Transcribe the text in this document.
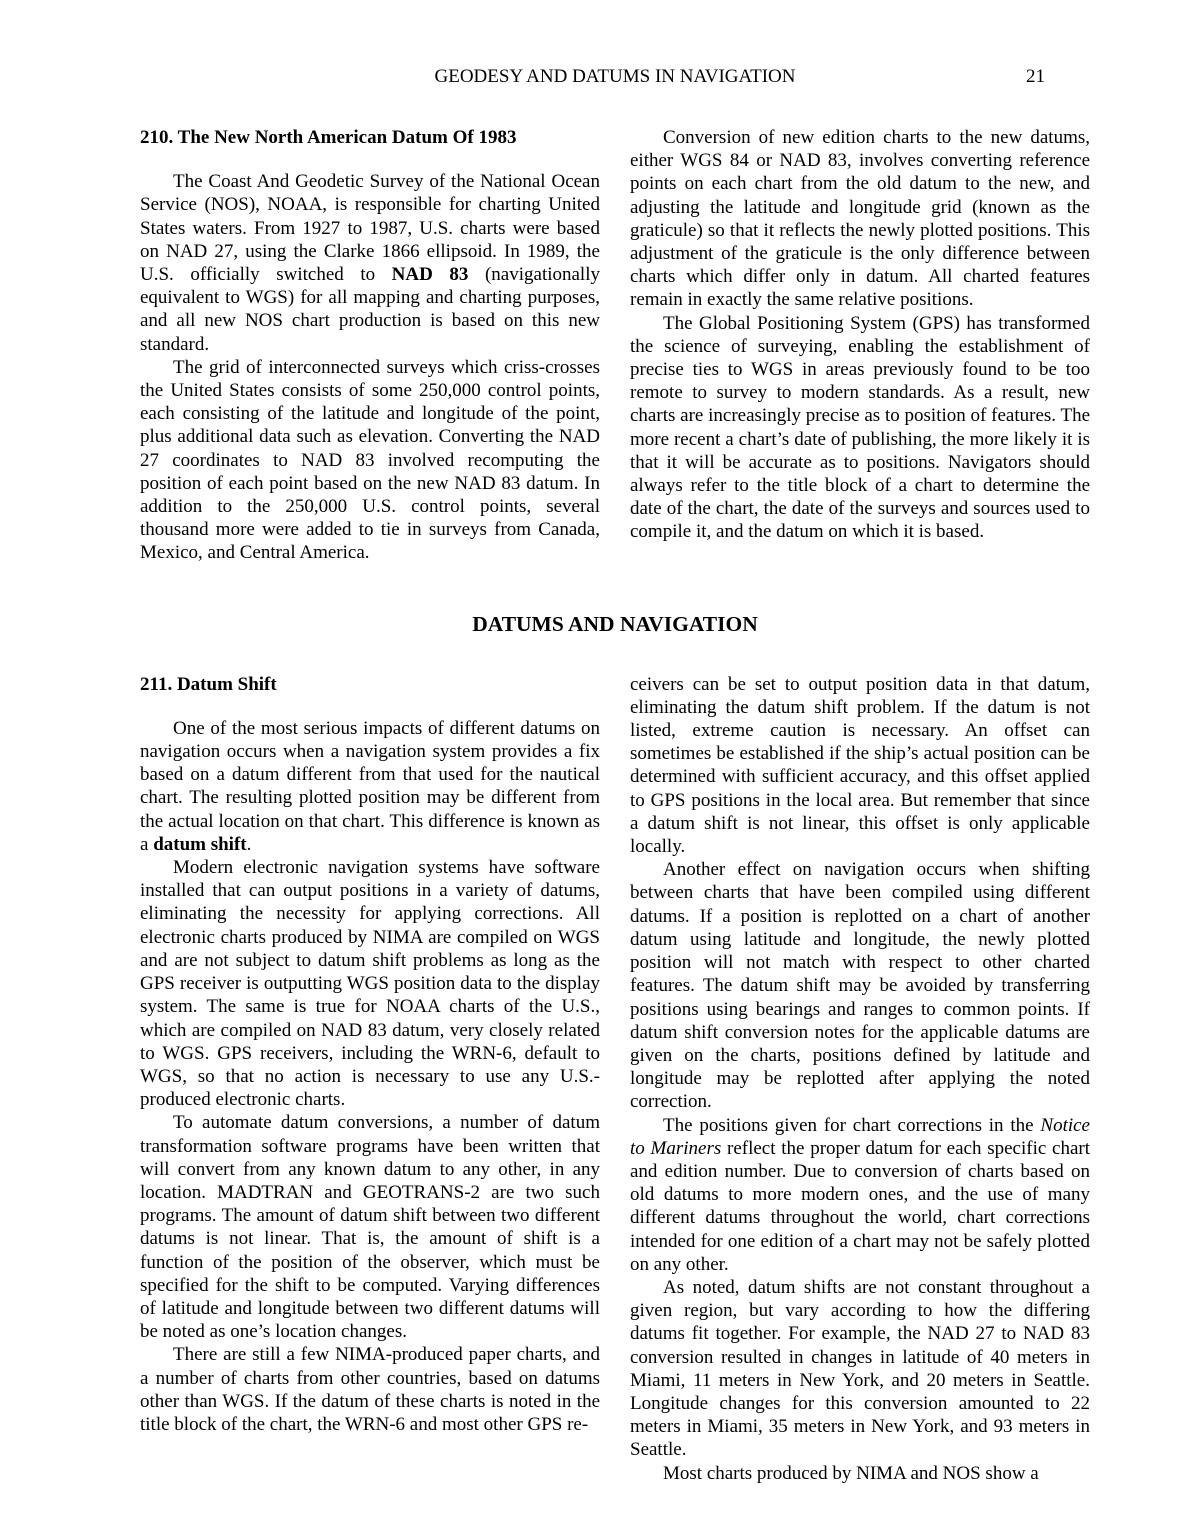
GEODESY AND DATUMS IN NAVIGATION	21
210. The New North American Datum Of 1983

The Coast And Geodetic Survey of the National Ocean Service (NOS), NOAA, is responsible for charting United States waters. From 1927 to 1987, U.S. charts were based on NAD 27, using the Clarke 1866 ellipsoid. In 1989, the U.S. officially switched to NAD 83 (navigationally equivalent to WGS) for all mapping and charting purposes, and all new NOS chart production is based on this new standard.

The grid of interconnected surveys which criss-crosses the United States consists of some 250,000 control points, each consisting of the latitude and longitude of the point, plus additional data such as elevation. Converting the NAD 27 coordinates to NAD 83 involved recomputing the position of each point based on the new NAD 83 datum. In addition to the 250,000 U.S. control points, several thousand more were added to tie in surveys from Canada, Mexico, and Central America.

Conversion of new edition charts to the new datums, either WGS 84 or NAD 83, involves converting reference points on each chart from the old datum to the new, and adjusting the latitude and longitude grid (known as the graticule) so that it reflects the newly plotted positions. This adjustment of the graticule is the only difference between charts which differ only in datum. All charted features remain in exactly the same relative positions.

The Global Positioning System (GPS) has transformed the science of surveying, enabling the establishment of precise ties to WGS in areas previously found to be too remote to survey to modern standards. As a result, new charts are increasingly precise as to position of features. The more recent a chart’s date of publishing, the more likely it is that it will be accurate as to positions. Navigators should always refer to the title block of a chart to determine the date of the chart, the date of the surveys and sources used to compile it, and the datum on which it is based.

DATUMS AND NAVIGATION
211. Datum Shift

One of the most serious impacts of different datums on navigation occurs when a navigation system provides a fix based on a datum different from that used for the nautical chart. The resulting plotted position may be different from the actual location on that chart. This difference is known as a datum shift.

Modern electronic navigation systems have software installed that can output positions in a variety of datums, eliminating the necessity for applying corrections. All electronic charts produced by NIMA are compiled on WGS and are not subject to datum shift problems as long as the GPS receiver is outputting WGS position data to the display system. The same is true for NOAA charts of the U.S., which are compiled on NAD 83 datum, very closely related to WGS. GPS receivers, including the WRN-6, default to WGS, so that no action is necessary to use any U.S.-produced electronic charts.

To automate datum conversions, a number of datum transformation software programs have been written that will convert from any known datum to any other, in any location. MADTRAN and GEOTRANS-2 are two such programs. The amount of datum shift between two different datums is not linear. That is, the amount of shift is a function of the position of the observer, which must be specified for the shift to be computed. Varying differences of latitude and longitude between two different datums will be noted as one’s location changes.

There are still a few NIMA-produced paper charts, and a number of charts from other countries, based on datums other than WGS. If the datum of these charts is noted in the title block of the chart, the WRN-6 and most other GPS re-

ceivers can be set to output position data in that datum, eliminating the datum shift problem. If the datum is not listed, extreme caution is necessary. An offset can sometimes be established if the ship’s actual position can be determined with sufficient accuracy, and this offset applied to GPS positions in the local area. But remember that since a datum shift is not linear, this offset is only applicable locally.

Another effect on navigation occurs when shifting between charts that have been compiled using different datums. If a position is replotted on a chart of another datum using latitude and longitude, the newly plotted position will not match with respect to other charted features. The datum shift may be avoided by transferring positions using bearings and ranges to common points. If datum shift conversion notes for the applicable datums are given on the charts, positions defined by latitude and longitude may be replotted after applying the noted correction.

The positions given for chart corrections in the Notice to Mariners reflect the proper datum for each specific chart and edition number. Due to conversion of charts based on old datums to more modern ones, and the use of many different datums throughout the world, chart corrections intended for one edition of a chart may not be safely plotted on any other.

As noted, datum shifts are not constant throughout a given region, but vary according to how the differing datums fit together. For example, the NAD 27 to NAD 83 conversion resulted in changes in latitude of 40 meters in Miami, 11 meters in New York, and 20 meters in Seattle. Longitude changes for this conversion amounted to 22 meters in Miami, 35 meters in New York, and 93 meters in Seattle.

Most charts produced by NIMA and NOS show a
